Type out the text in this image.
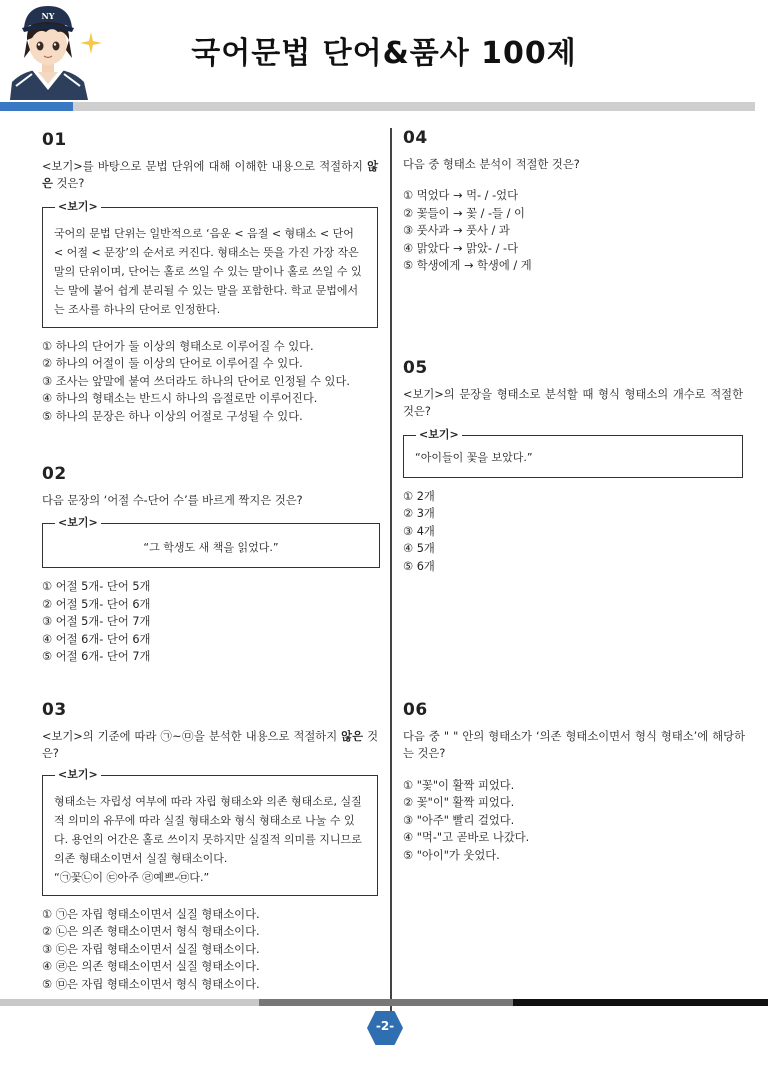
NY
국어문법 단어&품사 100제
01
<보기>를 바탕으로 문법 단위에 대해 이해한 내용으로 적절하지 않은 것은?
<보기>
국어의 문법 단위는 일반적으로 ‘음운 < 음절 < 형태소 < 단어 < 어절 < 문장’의 순서로 커진다. 형태소는 뜻을 가진 가장 작은 말의 단위이며, 단어는 홀로 쓰일 수 있는 말이나 홀로 쓰일 수 있는 말에 붙어 쉽게 분리될 수 있는 말을 포함한다. 학교 문법에서는 조사를 하나의 단어로 인정한다.
① 하나의 단어가 둘 이상의 형태소로 이루어질 수 있다.
② 하나의 어절이 둘 이상의 단어로 이루어질 수 있다.
③ 조사는 앞말에 붙여 쓰더라도 하나의 단어로 인정될 수 있다.
④ 하나의 형태소는 반드시 하나의 음절로만 이루어진다.
⑤ 하나의 문장은 하나 이상의 어절로 구성될 수 있다.
02
다음 문장의 ‘어절 수-단어 수’를 바르게 짝지은 것은?
<보기>
“그 학생도 새 책을 읽었다.”
① 어절 5개- 단어 5개
② 어절 5개- 단어 6개
③ 어절 5개- 단어 7개
④ 어절 6개- 단어 6개
⑤ 어절 6개- 단어 7개
03
<보기>의 기준에 따라 ㉠~㉤을 분석한 내용으로 적절하지 않은 것은?
<보기>
형태소는 자립성 여부에 따라 자립 형태소와 의존 형태소로, 실질적 의미의 유무에 따라 실질 형태소와 형식 형태소로 나눌 수 있다. 용언의 어간은 홀로 쓰이지 못하지만 실질적 의미를 지니므로 의존 형태소이면서 실질 형태소이다.
“㉠꽃㉡이 ㉢아주 ㉣예쁘-㉤다.”
① ㉠은 자립 형태소이면서 실질 형태소이다.
② ㉡은 의존 형태소이면서 형식 형태소이다.
③ ㉢은 자립 형태소이면서 실질 형태소이다.
④ ㉣은 의존 형태소이면서 실질 형태소이다.
⑤ ㉤은 자립 형태소이면서 형식 형태소이다.
04
다음 중 형태소 분석이 적절한 것은?
① 먹었다 → 먹- / -었다
② 꽃들이 → 꽃 / -들 / 이
③ 풋사과 → 풋사 / 과
④ 맑았다 → 맑았- / -다
⑤ 학생에게 → 학생에 / 게
05
<보기>의 문장을 형태소로 분석할 때 형식 형태소의 개수로 적절한 것은?
<보기>
“아이들이 꽃을 보았다.”
① 2개
② 3개
③ 4개
④ 5개
⑤ 6개
06
다음 중 " " 안의 형태소가 ‘의존 형태소이면서 형식 형태소’에 해당하는 것은?
① "꽃"이 활짝 피었다.
② 꽃"이" 활짝 피었다.
③ "아주" 빨리 걸었다.
④ "먹-"고 곧바로 나갔다.
⑤ "아이"가 웃었다.
-2-
